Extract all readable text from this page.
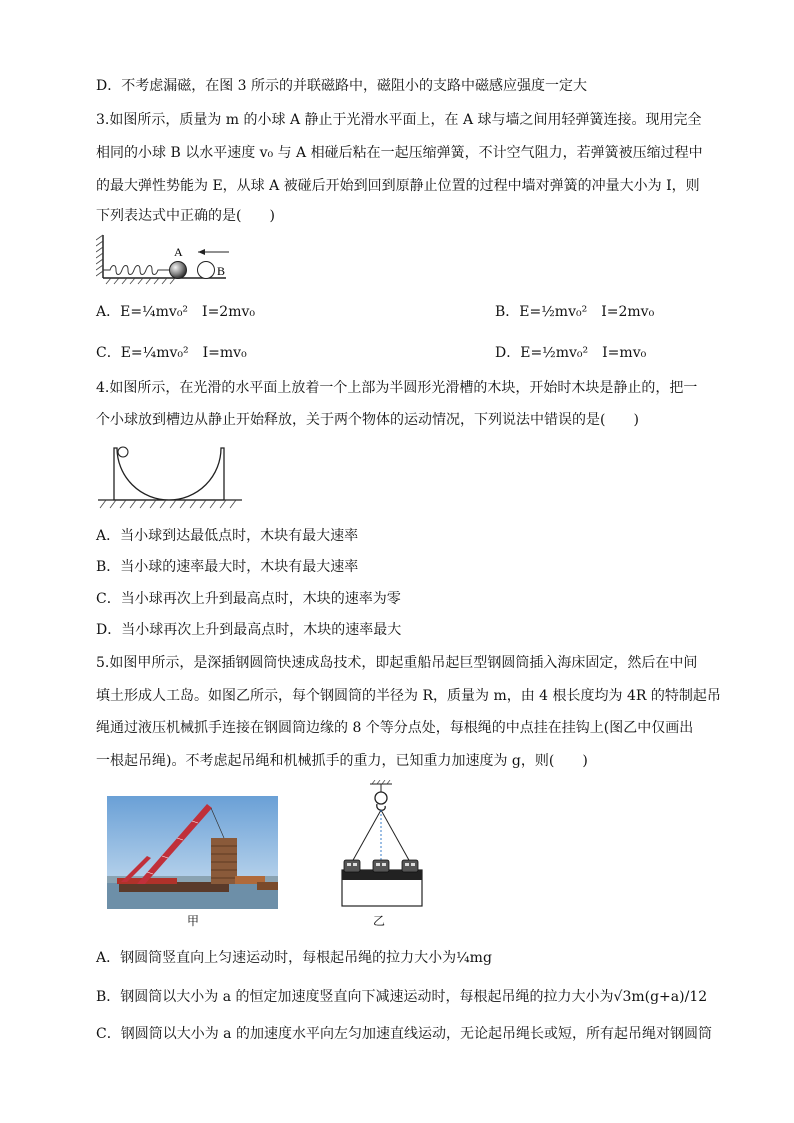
D．不考虑漏磁，在图 3 所示的并联磁路中，磁阻小的支路中磁感应强度一定大
3.如图所示，质量为 m 的小球 A 静止于光滑水平面上，在 A 球与墙之间用轻弹簧连接。现用完全
相同的小球 B 以水平速度 v₀ 与 A 相碰后粘在一起压缩弹簧，不计空气阻力，若弹簧被压缩过程中
的最大弹性势能为 E，从球 A 被碰后开始到回到原静止位置的过程中墙对弹簧的冲量大小为 I，则
下列表达式中正确的是(　　)
A
B
A．E=¼mv₀²　I=2mv₀	B．E=½mv₀²　I=2mv₀
C．E=¼mv₀²　I=mv₀	D．E=½mv₀²　I=mv₀
4.如图所示，在光滑的水平面上放着一个上部为半圆形光滑槽的木块，开始时木块是静止的，把一
个小球放到槽边从静止开始释放，关于两个物体的运动情况，下列说法中错误的是(　　)
A．当小球到达最低点时，木块有最大速率
B．当小球的速率最大时，木块有最大速率
C．当小球再次上升到最高点时，木块的速率为零
D．当小球再次上升到最高点时，木块的速率最大
5.如图甲所示，是深插钢圆筒快速成岛技术，即起重船吊起巨型钢圆筒插入海床固定，然后在中间
填土形成人工岛。如图乙所示，每个钢圆筒的半径为 R，质量为 m，由 4 根长度均为 4R 的特制起吊
绳通过液压机械抓手连接在钢圆筒边缘的 8 个等分点处，每根绳的中点挂在挂钩上(图乙中仅画出
一根起吊绳)。不考虑起吊绳和机械抓手的重力，已知重力加速度为 g，则(　　)
甲	乙
A．钢圆筒竖直向上匀速运动时，每根起吊绳的拉力大小为¼mg
B．钢圆筒以大小为 a 的恒定加速度竖直向下减速运动时，每根起吊绳的拉力大小为√3m(g+a)/12
C．钢圆筒以大小为 a 的加速度水平向左匀加速直线运动，无论起吊绳长或短，所有起吊绳对钢圆筒
